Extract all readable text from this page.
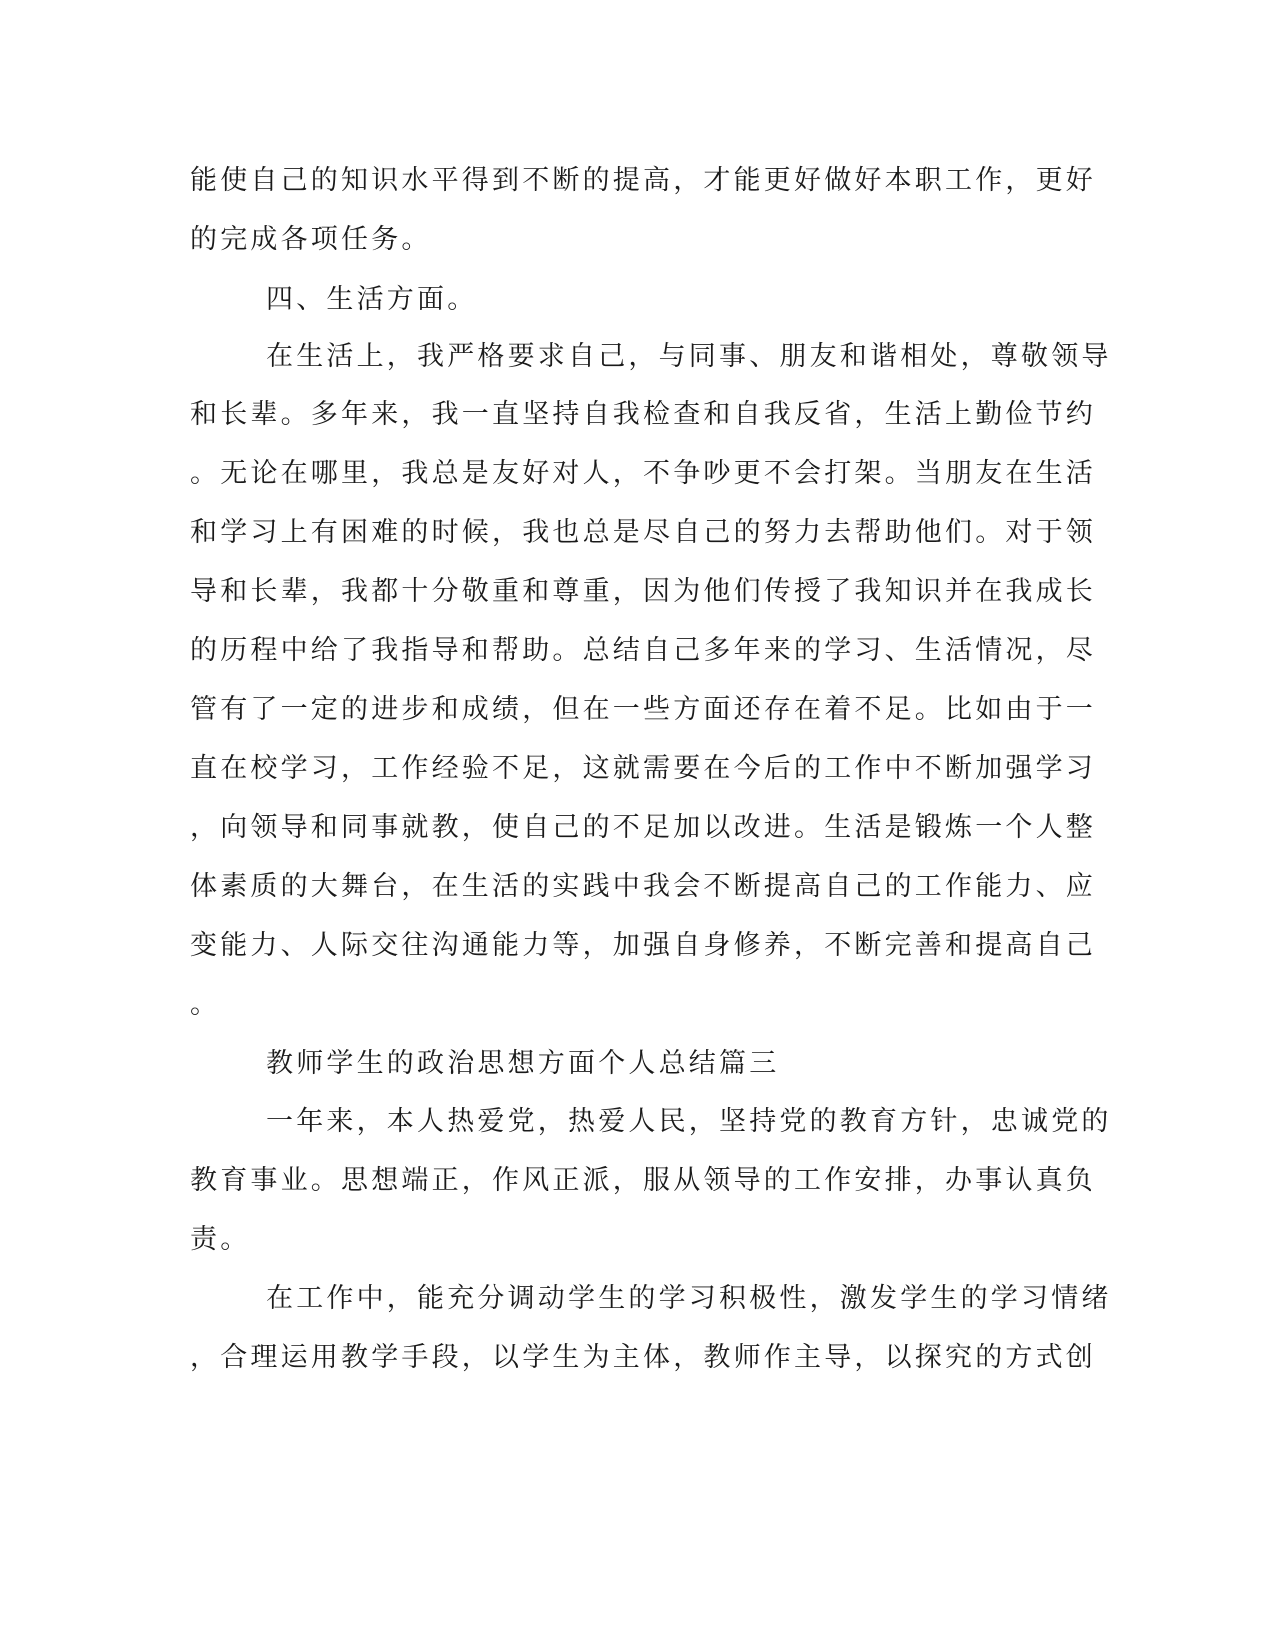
能使自己的知识水平得到不断的提高，才能更好做好本职工作，更好
的完成各项任务。
四、生活方面。
在生活上，我严格要求自己，与同事、朋友和谐相处，尊敬领导
和长辈。多年来，我一直坚持自我检查和自我反省，生活上勤俭节约
。无论在哪里，我总是友好对人，不争吵更不会打架。当朋友在生活
和学习上有困难的时候，我也总是尽自己的努力去帮助他们。对于领
导和长辈，我都十分敬重和尊重，因为他们传授了我知识并在我成长
的历程中给了我指导和帮助。总结自己多年来的学习、生活情况，尽
管有了一定的进步和成绩，但在一些方面还存在着不足。比如由于一
直在校学习，工作经验不足，这就需要在今后的工作中不断加强学习
，向领导和同事就教，使自己的不足加以改进。生活是锻炼一个人整
体素质的大舞台，在生活的实践中我会不断提高自己的工作能力、应
变能力、人际交往沟通能力等，加强自身修养，不断完善和提高自己
。
教师学生的政治思想方面个人总结篇三
一年来，本人热爱党，热爱人民，坚持党的教育方针，忠诚党的
教育事业。思想端正，作风正派，服从领导的工作安排，办事认真负
责。
在工作中，能充分调动学生的学习积极性，激发学生的学习情绪
，合理运用教学手段，以学生为主体，教师作主导，以探究的方式创
